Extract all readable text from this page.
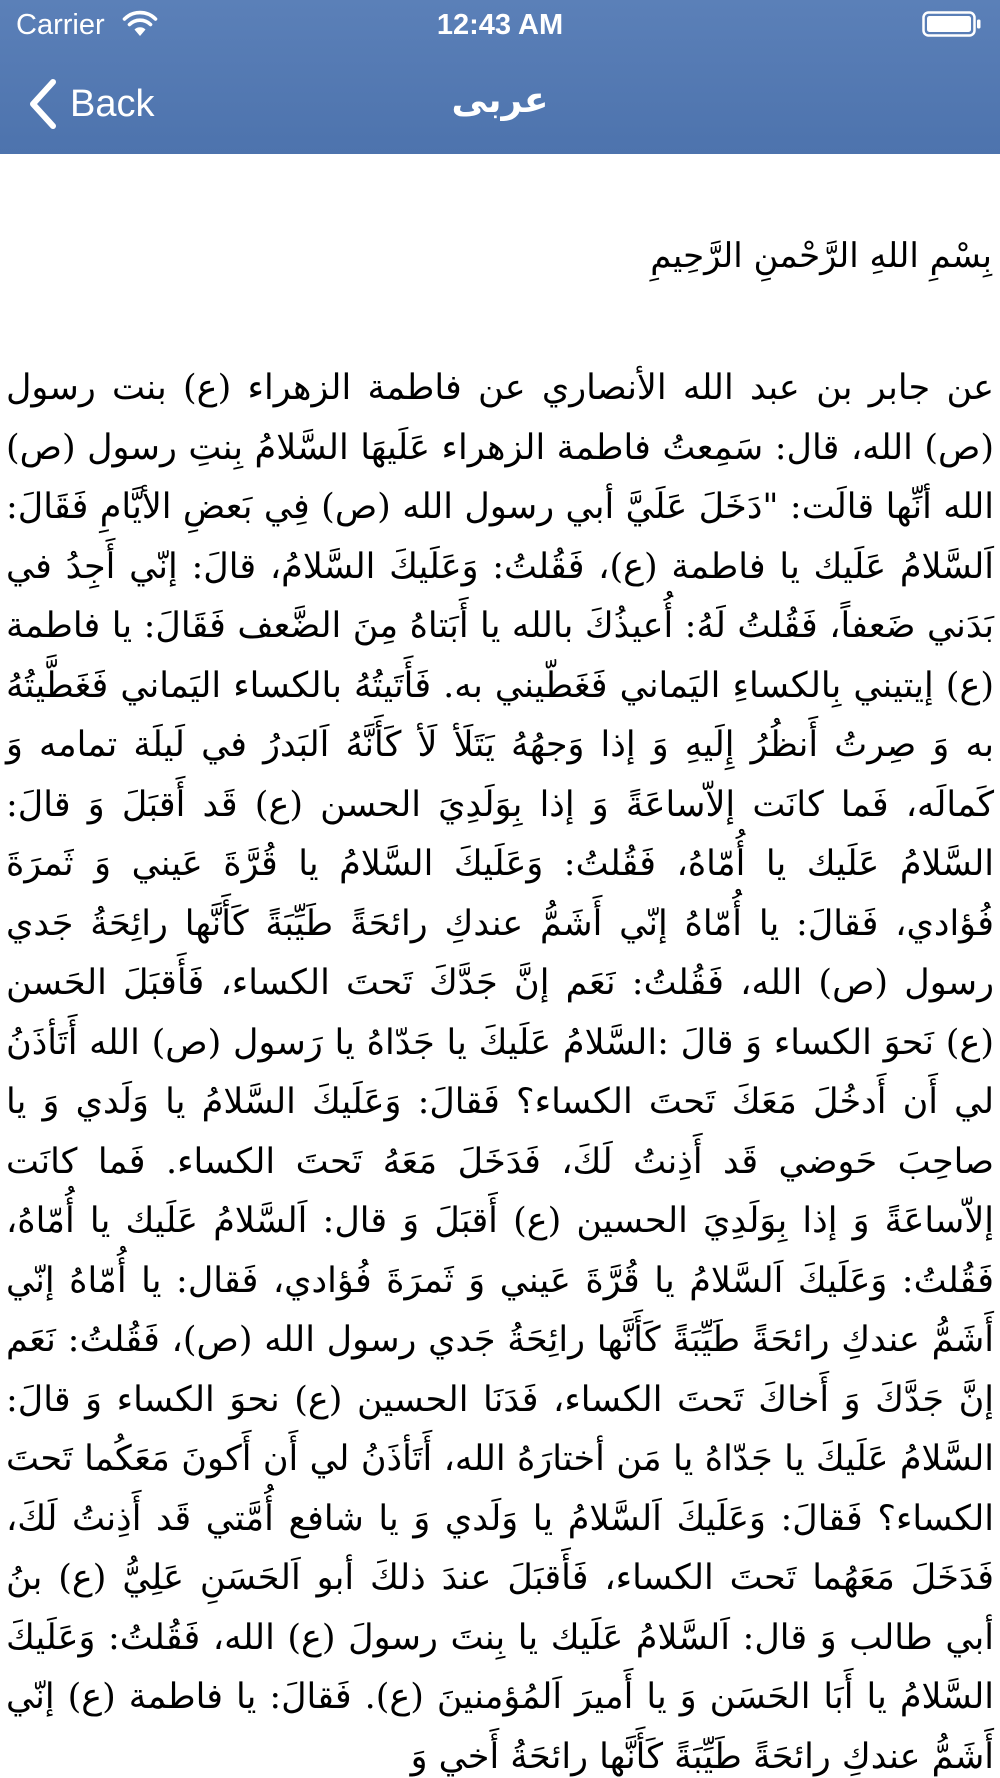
Carrier	12:43 AM
Back	عربی

بِسْمِ اللهِ الرَّحْمنِ الرَّحِيمِ

عن جابر بن عبد الله الأنصاري عن فاطمة الزهراء (ع) بنت رسول (ص) الله، قال: سَمِعتُ فاطمة الزهراء عَلَيهَا السَّلامُ بِنتِ رسول (ص) الله أنِّها قالَت: "دَخَلَ عَلَيَّ أبي رسول الله (ص) فِي بَعضِ الأيَّامِ فَقَالَ: اَلسَّلامُ عَلَيك يا فاطمة (ع)، فَقُلتُ: وَعَلَيكَ السَّلامُ، قالَ: إنّي أَجِدُ في بَدَني ضَعفاً، فَقُلتُ لَهُ: أُعيذُكَ بالله يا أَبَتاهُ مِنَ الضَّعف فَقَالَ: يا فاطمة (ع) إيتيني بِالكساءِ اليَماني فَغَطّيني به. فَأَتَيتُهُ بالكساء اليَماني فَغَطَّيتُهُ به وَ صِرتُ أَنظُرُ إِلَيهِ وَ إذا وَجهُهُ يَتَلَأ لَأ كَأَنَّهُ اَلبَدرُ في لَيلَة تمامه وَ كَمالَه، فَما كانَت إلاّساعَةً وَ إذا بِوَلَدِيَ الحسن (ع) قَد أَقبَلَ وَ قالَ: السَّلامُ عَلَيك يا أُمّاهُ، فَقُلتُ: وَعَلَيكَ السَّلامُ يا قُرَّةَ عَيني وَ ثَمرَةَ فُؤادي، فَقالَ: يا أُمّاهُ إنّي أَشَمُّ عندكِ رائحَةً طَيِّبَةً كَأَنَّها رائِحَةُ جَدي رسول (ص) الله، فَقُلتُ: نَعَم إنَّ جَدَّكَ تَحتَ الكساء، فَأَقبَلَ الحَسن (ع) نَحوَ الكساء وَ قالَ :السَّلامُ عَلَيكَ يا جَدّاهُ يا رَسول (ص) الله أَتَأذَنُ لي أَن أَدخُلَ مَعَكَ تَحتَ الكساء؟ فَقالَ: وَعَلَيكَ السَّلامُ يا وَلَدي وَ يا صاحِبَ حَوضي قَد أَذِنتُ لَكَ، فَدَخَلَ مَعَهُ تَحتَ الكساء. فَما كانَت إلاّساعَةً وَ إذا بِوَلَدِيَ الحسين (ع) أَقبَلَ وَ قال: اَلسَّلامُ عَلَيك يا أُمّاهُ، فَقُلتُ: وَعَلَيكَ اَلسَّلامُ يا قُرَّةَ عَيني وَ ثَمرَةَ فُؤادي، فَقال: يا أُمّاهُ إنّي أَشَمُّ عندكِ رائحَةً طَيِّبَةً كَأَنَّها رائِحَةُ جَدي رسول الله (ص)، فَقُلتُ: نَعَم إنَّ جَدَّكَ وَ أَخاكَ تَحتَ الكساء، فَدَنَا الحسين (ع) نحوَ الكساء وَ قالَ: السَّلامُ عَلَيكَ يا جَدّاهُ يا مَن أختارَهُ الله، أَتَأذَنُ لي أَن أَكونَ مَعَكُما تَحتَ الكساء؟ فَقالَ: وَعَلَيكَ اَلسَّلامُ يا وَلَدي وَ يا شافع أُمَّتي قَد أَذِنتُ لَكَ، فَدَخَلَ مَعَهُما تَحتَ الكساء، فَأَقبَلَ عندَ ذلكَ أبو اَلحَسَنِ عَلِيُّ (ع) بنُ أبي طالب وَ قال: اَلسَّلامُ عَلَيك يا بِنتَ رسولَ (ع) الله، فَقُلتُ: وَعَلَيكَ السَّلامُ يا أَبَا الحَسَن وَ يا أَميرَ اَلمُؤمنينَ (ع). فَقالَ: يا فاطمة (ع) إنّي أَشَمُّ عندكِ رائحَةً طَيِّبَةً كَأَنَّها رائحَةُ أَخي وَ
